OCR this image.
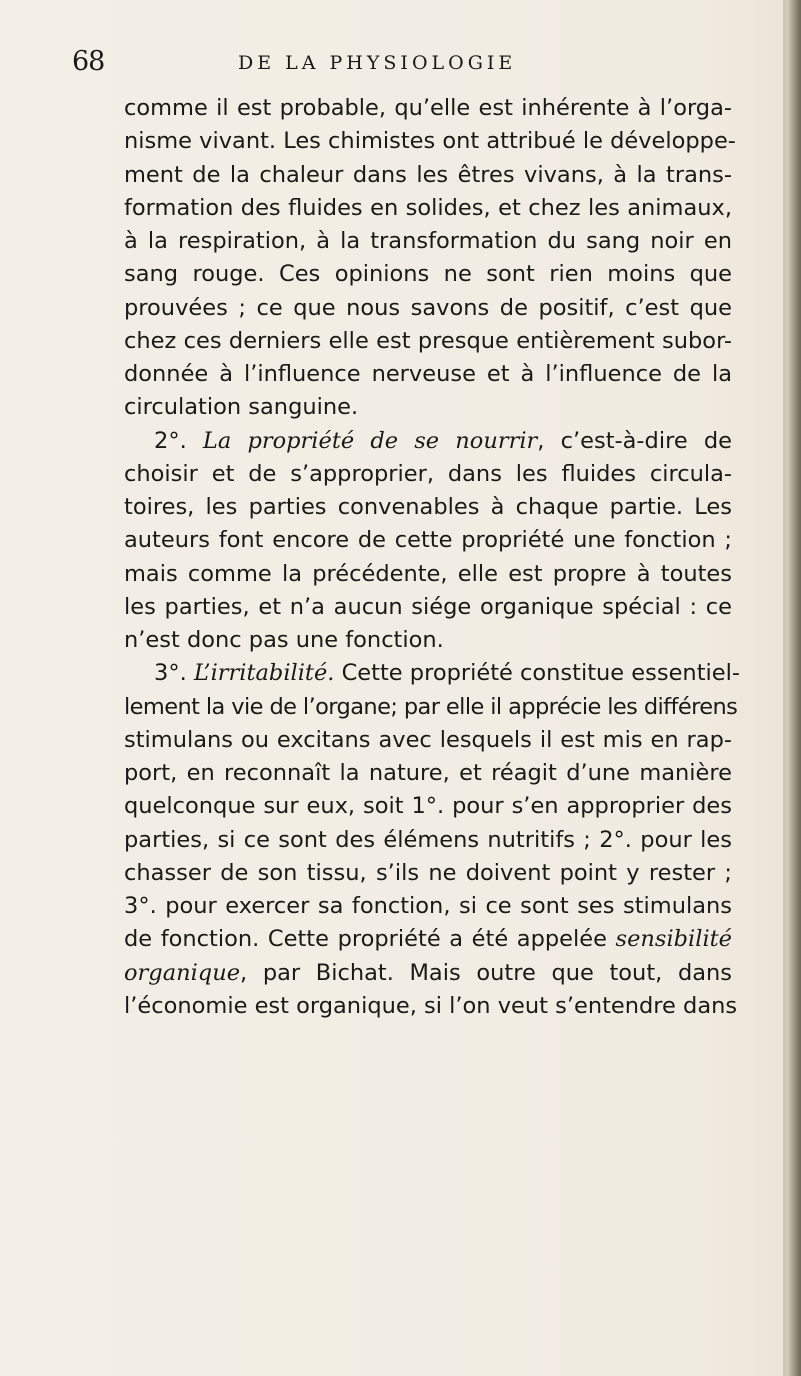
68	DE LA PHYSIOLOGIE
comme il est probable, qu’elle est inhérente à l’orga-
nisme vivant. Les chimistes ont attribué le développe-
ment de la chaleur dans les êtres vivans, à la trans-
formation des fluides en solides, et chez les animaux,
à la respiration, à la transformation du sang noir en
sang rouge. Ces opinions ne sont rien moins que
prouvées ; ce que nous savons de positif, c’est que
chez ces derniers elle est presque entièrement subor-
donnée à l’influence nerveuse et à l’influence de la
circulation sanguine.
2°. La propriété de se nourrir, c’est-à-dire de
choisir et de s’approprier, dans les fluides circula-
toires, les parties convenables à chaque partie. Les
auteurs font encore de cette propriété une fonction ;
mais comme la précédente, elle est propre à toutes
les parties, et n’a aucun siége organique spécial : ce
n’est donc pas une fonction.
3°. L’irritabilité. Cette propriété constitue essentiel-
lement la vie de l’organe; par elle il apprécie les différens
stimulans ou excitans avec lesquels il est mis en rap-
port, en reconnaît la nature, et réagit d’une manière
quelconque sur eux, soit 1°. pour s’en approprier des
parties, si ce sont des élémens nutritifs ; 2°. pour les
chasser de son tissu, s’ils ne doivent point y rester ;
3°. pour exercer sa fonction, si ce sont ses stimulans
de fonction. Cette propriété a été appelée sensibilité
organique, par Bichat. Mais outre que tout, dans
l’économie est organique, si l’on veut s’entendre dans
